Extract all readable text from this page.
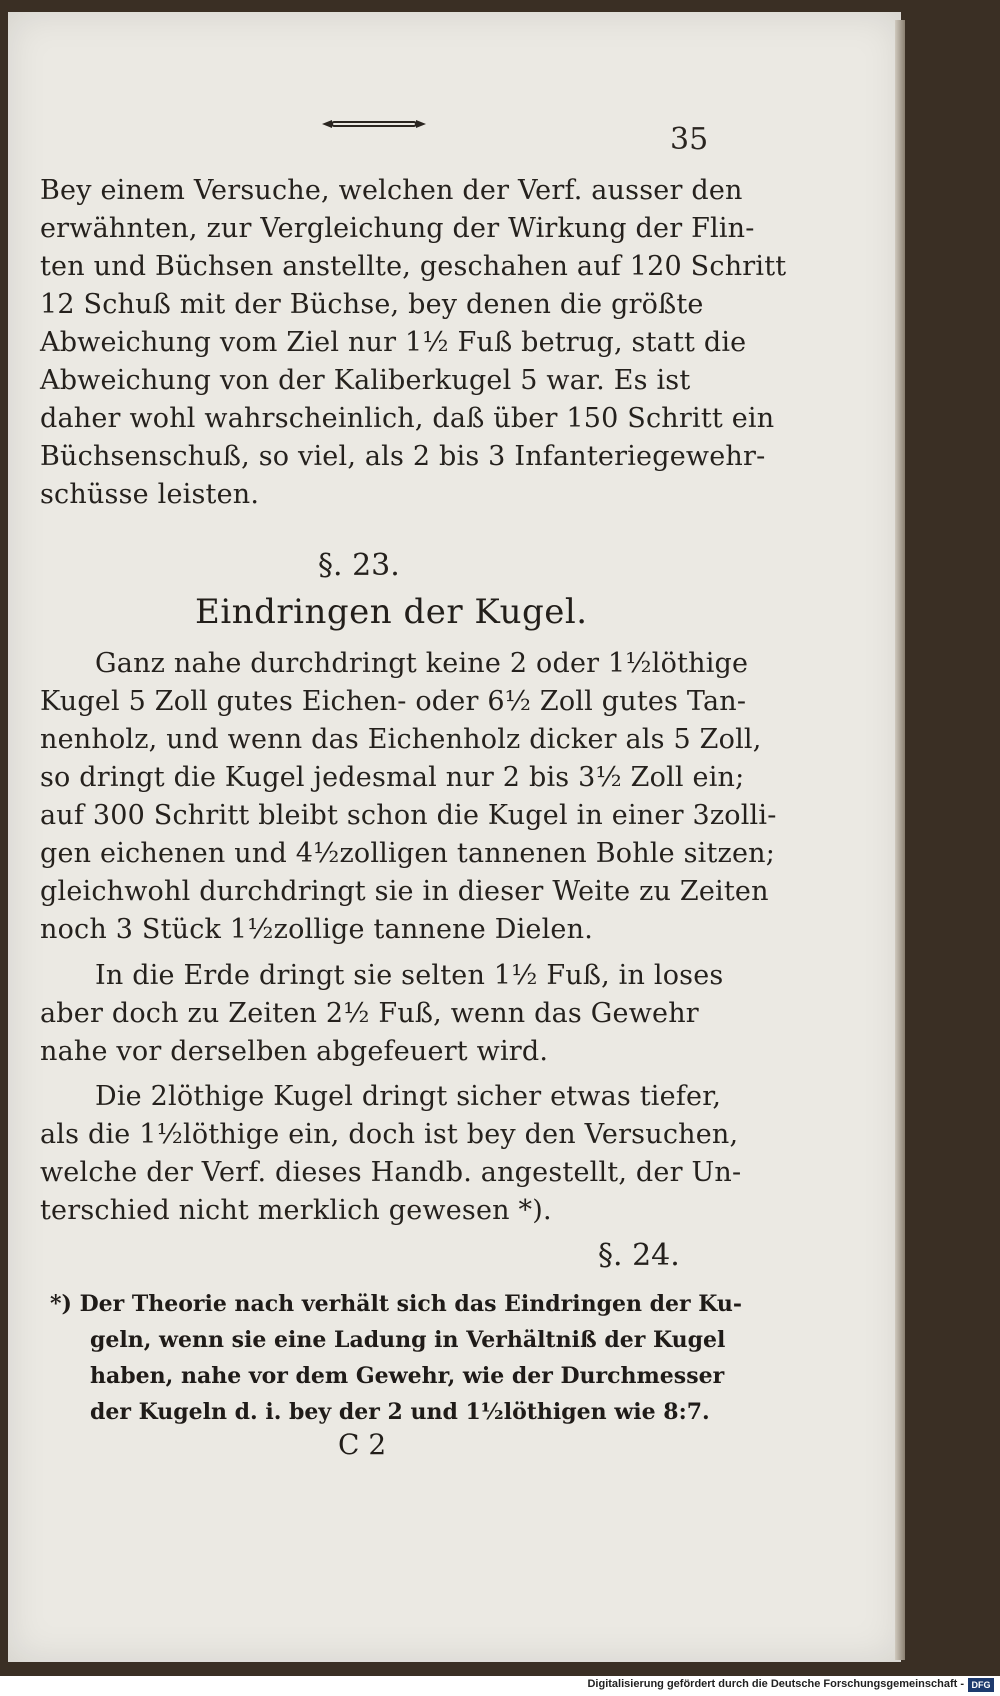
35
Bey einem Versuche, welchen der Verf. ausser den
erwähnten, zur Vergleichung der Wirkung der Flin-
ten und Büchsen anstellte, geschahen auf 120 Schritt
12 Schuß mit der Büchse, bey denen die größte
Abweichung vom Ziel nur 1½ Fuß betrug, statt die
Abweichung von der Kaliberkugel 5 war. Es ist
daher wohl wahrscheinlich, daß über 150 Schritt ein
Büchsenschuß, so viel, als 2 bis 3 Infanteriegewehr-
schüsse leisten.
§. 23.
Eindringen der Kugel.
Ganz nahe durchdringt keine 2 oder 1½löthige
Kugel 5 Zoll gutes Eichen- oder 6½ Zoll gutes Tan-
nenholz, und wenn das Eichenholz dicker als 5 Zoll,
so dringt die Kugel jedesmal nur 2 bis 3½ Zoll ein;
auf 300 Schritt bleibt schon die Kugel in einer 3zolli-
gen eichenen und 4½zolligen tannenen Bohle sitzen;
gleichwohl durchdringt sie in dieser Weite zu Zeiten
noch 3 Stück 1½zollige tannene Dielen.
In die Erde dringt sie selten 1½ Fuß, in loses
aber doch zu Zeiten 2½ Fuß, wenn das Gewehr
nahe vor derselben abgefeuert wird.
Die 2löthige Kugel dringt sicher etwas tiefer,
als die 1½löthige ein, doch ist bey den Versuchen,
welche der Verf. dieses Handb. angestellt, der Un-
terschied nicht merklich gewesen *).
§. 24.
*) Der Theorie nach verhält sich das Eindringen der Ku-
geln, wenn sie eine Ladung in Verhältniß der Kugel
haben, nahe vor dem Gewehr, wie der Durchmesser
der Kugeln d. i. bey der 2 und 1½löthigen wie 8:7.
C 2
Digitalisierung gefördert durch die Deutsche Forschungsgemeinschaft - DFG
